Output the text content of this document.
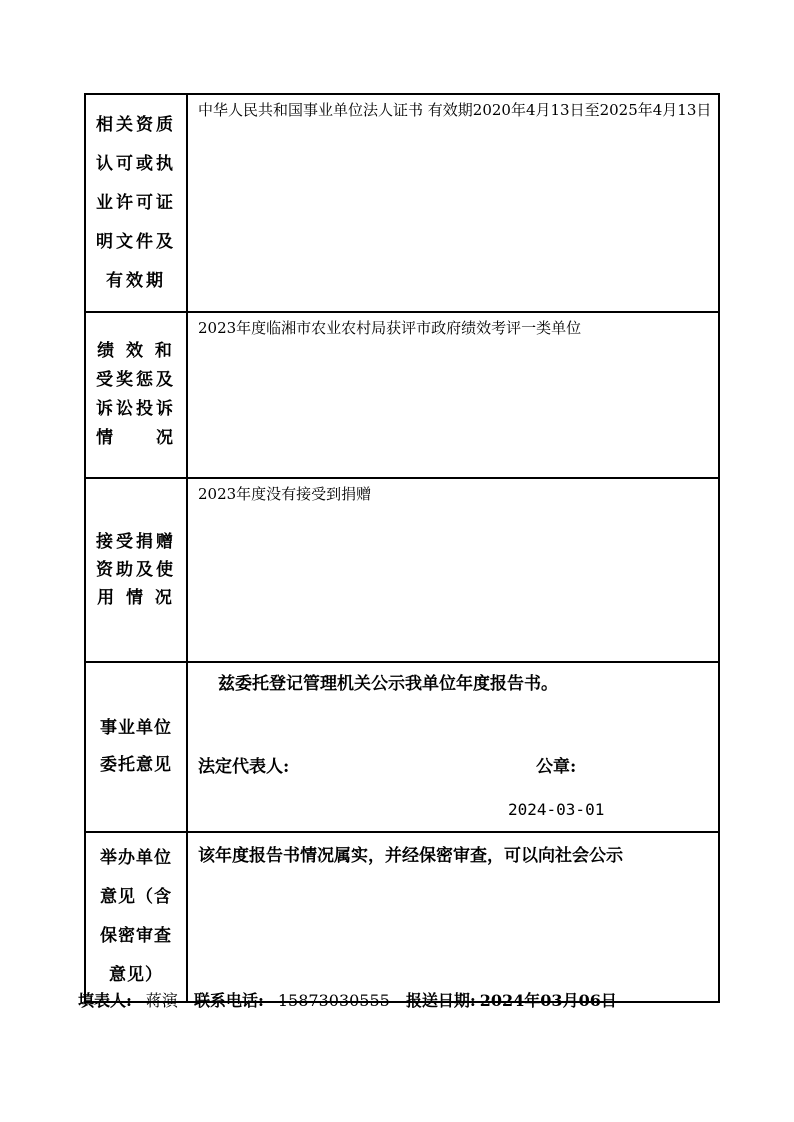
相关资质
认可或执
业许可证
明文件及
有效期	中华人民共和国事业单位法人证书 有效期2020年4月13日至2025年4月13日

绩 效 和
受奖惩及
诉讼投诉
情　　况	2023年度临湘市农业农村局获评市政府绩效考评一类单位

接受捐赠
资助及使
用 情 况	2023年度没有接受到捐赠

事业单位
委托意见	兹委托登记管理机关公示我单位年度报告书。
法定代表人: 公章:
2024-03-01

举办单位
意见（含
保密审查
意见）	该年度报告书情况属实，并经保密审查，可以向社会公示
填表人: 蒋演 联系电话: 15873030555 报送日期: 2024年03月06日
